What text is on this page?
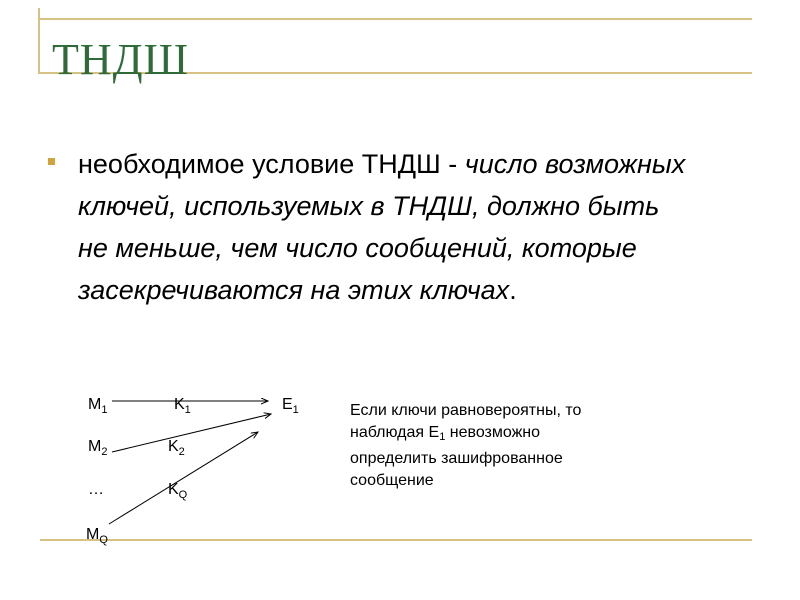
ТНДШ
необходимое условие ТНДШ - число возможных ключей, используемых в ТНДШ, должно быть не меньше, чем число сообщений, которые засекречиваются на этих ключах.
$M_1$
$M_2$
…
$M_Q$
$K_1$
$K_2$
$K_Q$
$E_1$	Если ключи равновероятны, то
наблюдая $E_1$ невозможно
определить зашифрованное
сообщение
